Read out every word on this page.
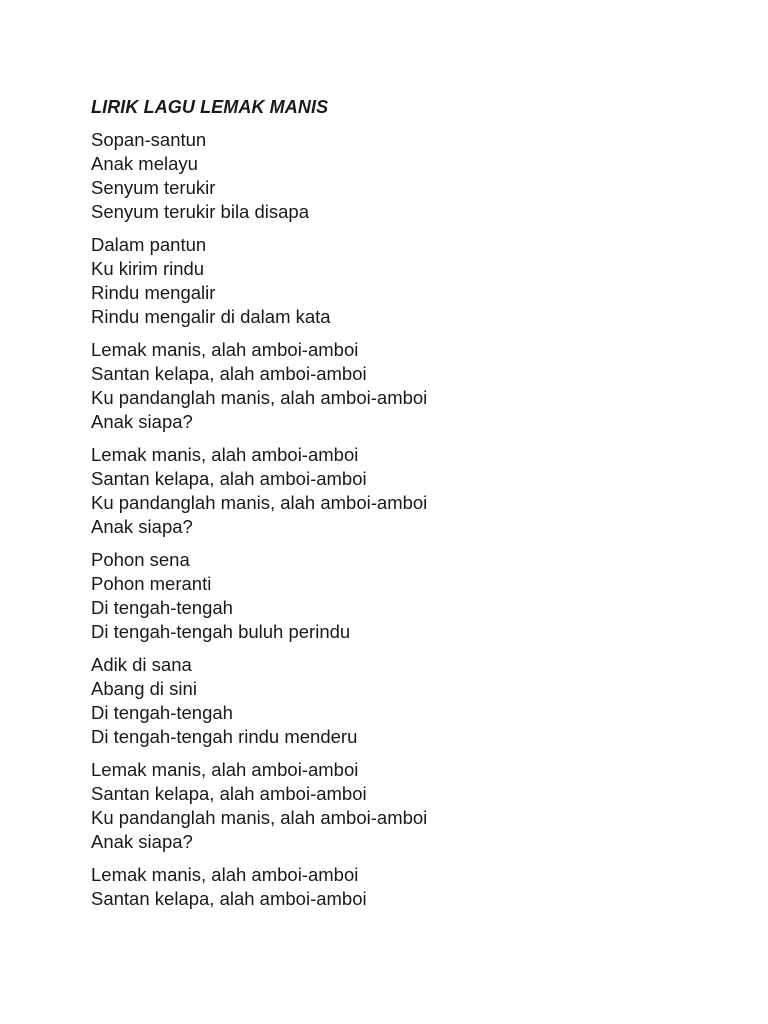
LIRIK LAGU LEMAK MANIS
Sopan-santun
Anak melayu
Senyum terukir
Senyum terukir bila disapa
Dalam pantun
Ku kirim rindu
Rindu mengalir
Rindu mengalir di dalam kata
Lemak manis, alah amboi-amboi
Santan kelapa, alah amboi-amboi
Ku pandanglah manis, alah amboi-amboi
Anak siapa?
Lemak manis, alah amboi-amboi
Santan kelapa, alah amboi-amboi
Ku pandanglah manis, alah amboi-amboi
Anak siapa?
Pohon sena
Pohon meranti
Di tengah-tengah
Di tengah-tengah buluh perindu
Adik di sana
Abang di sini
Di tengah-tengah
Di tengah-tengah rindu menderu
Lemak manis, alah amboi-amboi
Santan kelapa, alah amboi-amboi
Ku pandanglah manis, alah amboi-amboi
Anak siapa?
Lemak manis, alah amboi-amboi
Santan kelapa, alah amboi-amboi
